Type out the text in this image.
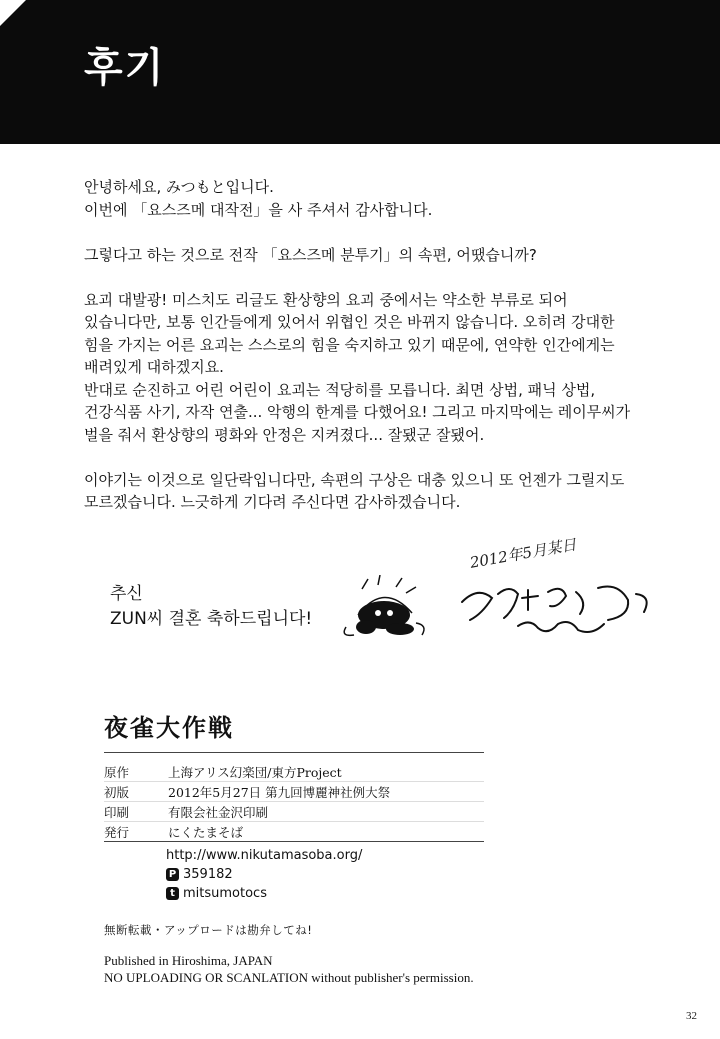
후기

안녕하세요, みつもと입니다.
이번에 「요스즈메 대작전」을 사 주셔서 감사합니다.

그렇다고 하는 것으로 전작 「요스즈메 분투기」의 속편, 어땠습니까?

요괴 대발광! 미스치도 리글도 환상향의 요괴 중에서는 약소한 부류로 되어
있습니다만, 보통 인간들에게 있어서 위협인 것은 바뀌지 않습니다. 오히려 강대한
힘을 가지는 어른 요괴는 스스로의 힘을 숙지하고 있기 때문에, 연약한 인간에게는
배려있게 대하겠지요.
반대로 순진하고 어린 어린이 요괴는 적당히를 모릅니다. 최면 상법, 패닉 상법,
건강식품 사기, 자작 연출... 악행의 한계를 다했어요! 그리고 마지막에는 레이무씨가
벌을 줘서 환상향의 평화와 안정은 지켜졌다... 잘됐군 잘됐어.

이야기는 이것으로 일단락입니다만, 속편의 구상은 대충 있으니 또 언젠가 그릴지도
모르겠습니다. 느긋하게 기다려 주신다면 감사하겠습니다.

추신
ZUN씨 결혼 축하드립니다!
2012年5月某日
夜雀大作戦
原作	上海アリス幻楽団/東方Project
初版	2012年5月27日 第九回博麗神社例大祭
印刷	有限会社金沢印刷
発行	にくたまそば
http://www.nikutamasoba.org/
P 359182
t mitsumotocs
無断転載・アップロードは勘弁してね!
Published in Hiroshima, JAPAN
NO UPLOADING OR SCANLATION without publisher's permission.
32
